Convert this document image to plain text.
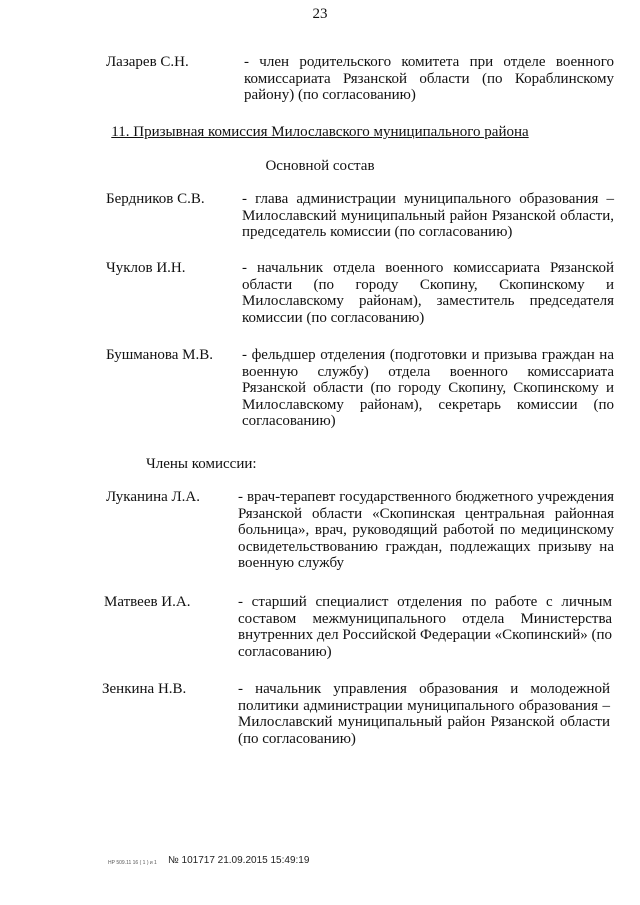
23
Лазарев С.Н.	- член родительского комитета при отделе военного комиссариата Рязанской области (по Кораблинскому району) (по согласованию)
11. Призывная комиссия Милославского муниципального района
Основной состав
Бердников С.В. - глава администрации муниципального образования – Милославский муниципальный район Рязанской области, председатель комиссии (по согласованию)
Чуклов И.Н.	- начальник отдела военного комиссариата Рязанской области (по городу Скопину, Скопинскому и Милославскому районам), заместитель председателя комиссии (по согласованию)
Бушманова М.В. - фельдшер отделения (подготовки и призыва граждан на военную службу) отдела военного комиссариата Рязанской области (по городу Скопину, Скопинскому и Милославскому районам), секретарь комиссии (по согласованию)
Члены комиссии:
Луканина Л.А.	- врач-терапевт государственного бюджетного учреждения Рязанской области «Скопинская центральная районная больница», врач, руководящий работой по медицинскому освидетельствованию граждан, подлежащих призыву на военную службу
Матвеев И.А.	- старший специалист отделения по работе с личным составом межмуниципального отдела Министерства внутренних дел Российской Федерации «Скопинский» (по согласованию)
Зенкина Н.В.	- начальник управления образования и молодежной политики администрации муниципального образования – Милославский муниципальный район Рязанской области (по согласованию)
НР 509.11 16 ( 1 ) и 1 № 101717 21.09.2015 15:49:19
